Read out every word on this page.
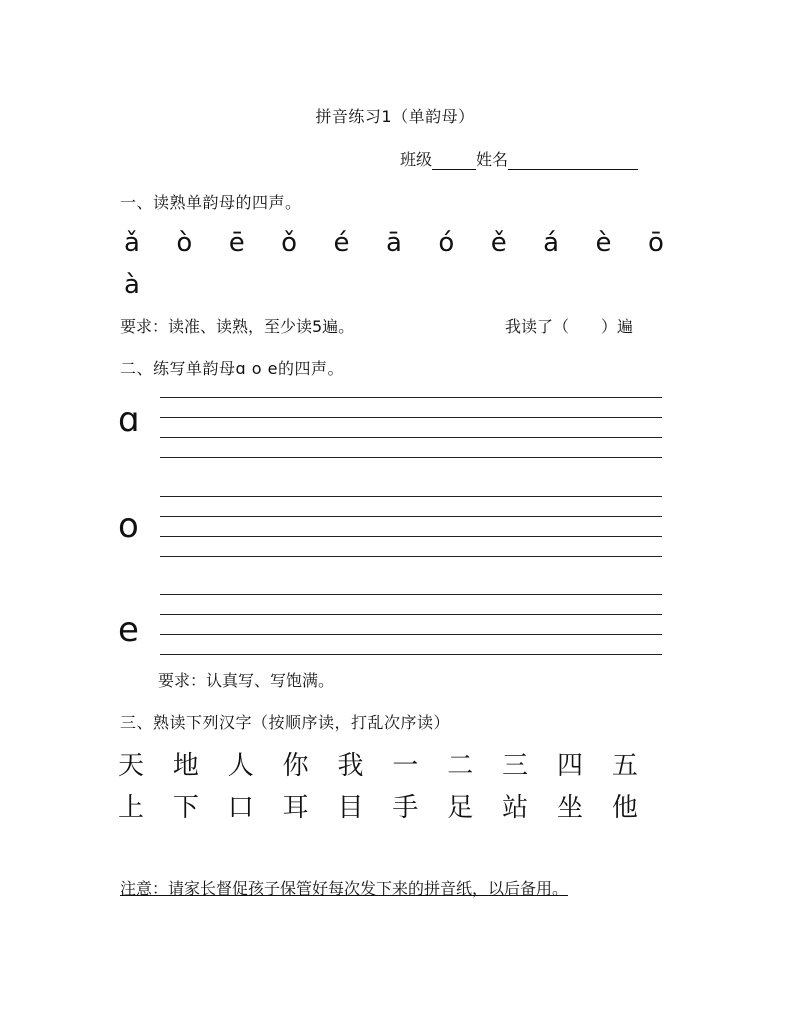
拼音练习1（单韵母）
班级	姓名
一、读熟单韵母的四声。
ǎ ò ē ǒ é ā ó ě á è ō
à
要求：读准、读熟，至少读5遍。	我读了（　　）遍
二、练写单韵母ɑ o e的四声。
ɑ
o
e
要求：认真写、写饱满。
三、熟读下列汉字（按顺序读，打乱次序读）
天 地 人 你 我 一 二 三 四 五
上 下 口 耳 目 手 足 站 坐 他
注意：请家长督促孩子保管好每次发下来的拼音纸，以后备用。
